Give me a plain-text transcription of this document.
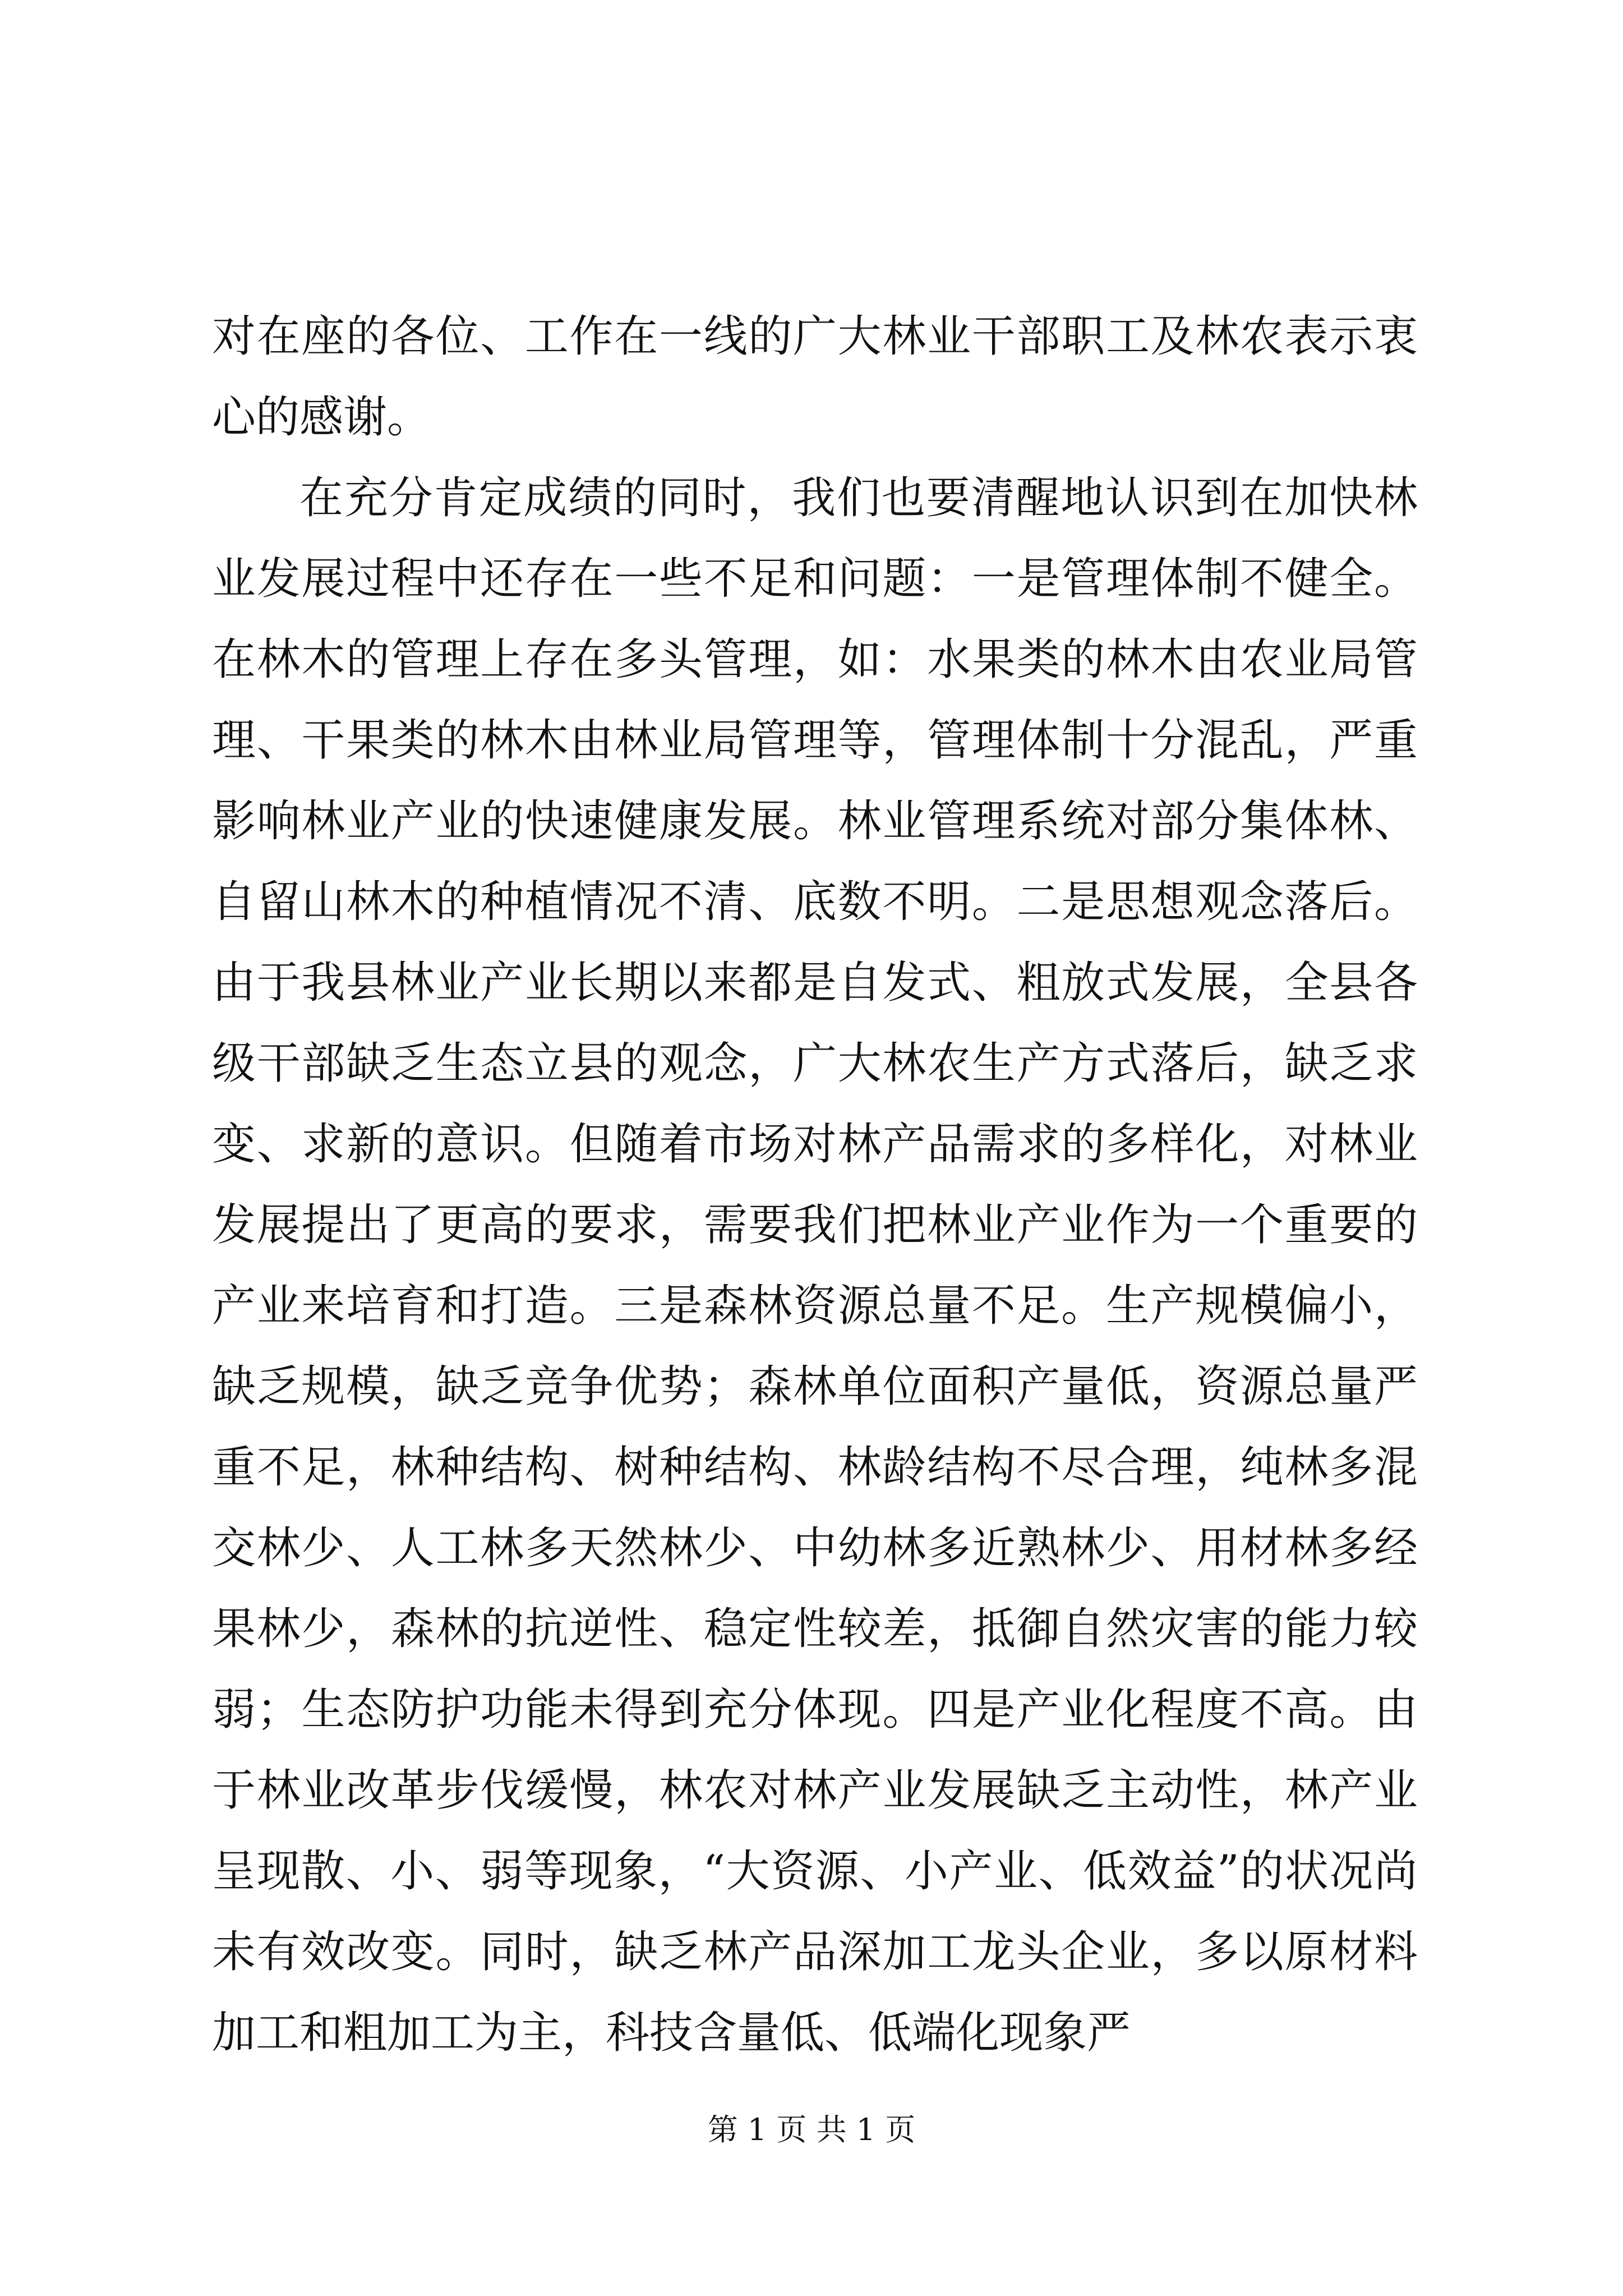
对在座的各位、工作在一线的广大林业干部职工及林农表示衷心的感谢。

在充分肯定成绩的同时，我们也要清醒地认识到在加快林业发展过程中还存在一些不足和问题：一是管理体制不健全。在林木的管理上存在多头管理，如：水果类的林木由农业局管理、干果类的林木由林业局管理等，管理体制十分混乱，严重影响林业产业的快速健康发展。林业管理系统对部分集体林、自留山林木的种植情况不清、底数不明。二是思想观念落后。由于我县林业产业长期以来都是自发式、粗放式发展，全县各级干部缺乏生态立县的观念，广大林农生产方式落后，缺乏求变、求新的意识。但随着市场对林产品需求的多样化，对林业发展提出了更高的要求，需要我们把林业产业作为一个重要的产业来培育和打造。三是森林资源总量不足。生产规模偏小，缺乏规模，缺乏竞争优势；森林单位面积产量低，资源总量严重不足，林种结构、树种结构、林龄结构不尽合理，纯林多混交林少、人工林多天然林少、中幼林多近熟林少、用材林多经果林少，森林的抗逆性、稳定性较差，抵御自然灾害的能力较弱；生态防护功能未得到充分体现。四是产业化程度不高。由于林业改革步伐缓慢，林农对林产业发展缺乏主动性，林产业呈现散、小、弱等现象，“大资源、小产业、低效益”的状况尚未有效改变。同时，缺乏林产品深加工龙头企业，多以原材料加工和粗加工为主，科技含量低、低端化现象严

第 1 页 共 1 页
